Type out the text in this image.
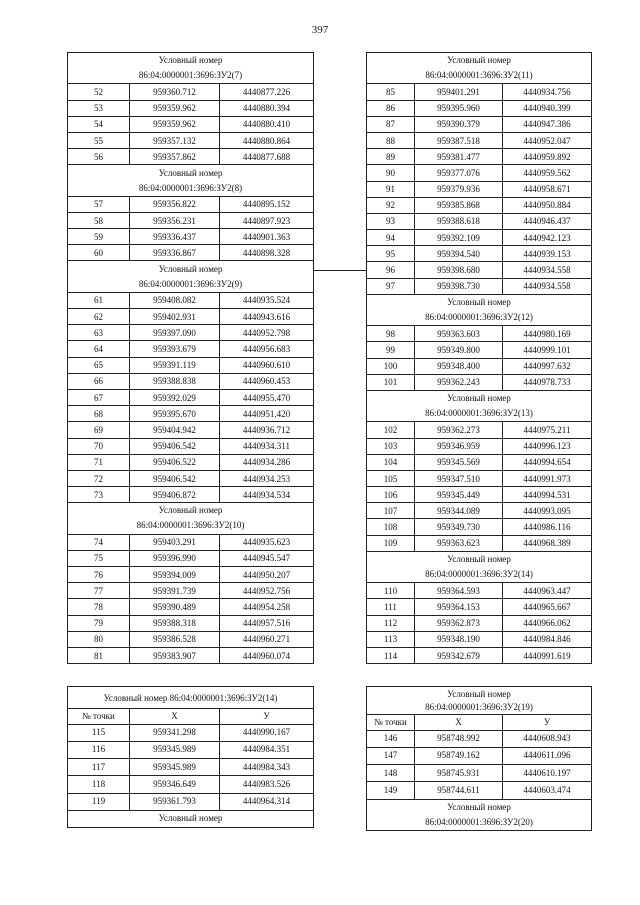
397
Условный номер
86:04:0000001:3696:ЗУ2(7)		
52	959360.712	4440877.226
53	959359.962	4440880.394
54	959359.962	4440880.410
55	959357.132	4440880.864
56	959357.862	4440877.688
Условный номер
86:04:0000001:3696:ЗУ2(8)		
57	959356.822	4440895.152
58	959356.231	4440897.923
59	959336.437	4440901.363
60	959336.867	4440898.328
Условный номер
86:04:0000001:3696:ЗУ2(9)		
61	959408.082	4440935.524
62	959402.931	4440943.616
63	959397.090	4440952.798
64	959393.679	4440956.683
65	959391.119	4440960.610
66	959388.838	4440960.453
67	959392.029	4440955.470
68	959395.670	4440951.420
69	959404.942	4440936.712
70	959406.542	4440934.311
71	959406.522	4440934.286
72	959406.542	4440934.253
73	959406.872	4440934.534
Условный номер
86:04:0000001:3696:ЗУ2(10)		
74	959403.291	4440935.623
75	959396.990	4440945.547
76	959394.009	4440950.207
77	959391.739	4440952.756
78	959390.489	4440954.258
79	959388.318	4440957.516
80	959386.528	4440960.271
81	959383.907	4440960.074
Условный номер
86:04:0000001:3696:ЗУ2(11)		
85	959401.291	4440934.756
86	959395.960	4440940.399
87	959390.379	4440947.386
88	959387.518	4440952.047
89	959381.477	4440959.892
90	959377.076	4440959.562
91	959379.936	4440958.671
92	959385.868	4440950.884
93	959388.618	4440946.437
94	959392.109	4440942.123
95	959394.540	4440939.153
96	959398.680	4440934.558
97	959398.730	4440934.558
Условный номер
86:04:0000001:3696:ЗУ2(12)		
98	959363.603	4440980.169
99	959349.800	4440999.101
100	959348.400	4440997.632
101	959362.243	4440978.733
Условный номер
86:04:0000001:3696:ЗУ2(13)		
102	959362.273	4440975.211
103	959346.959	4440996.123
104	959345.569	4440994.654
105	959347.510	4440991.973
106	959345.449	4440994.531
107	959344.089	4440993.095
108	959349.730	4440986.116
109	959363.623	4440968.389
Условный номер
86:04:0000001:3696:ЗУ2(14)		
110	959364.593	4440963.447
111	959364.153	4440965.667
112	959362.873	4440966.062
113	959348.190	4440984.846
114	959342.679	4440991.619
Условный номер 86:04:0000001:3696:ЗУ2(14)		
№ точки	X	У
115	959341.298	4440990.167
116	959345.989	4440984.351
117	959345.989	4440984.343
118	959346.649	4440983.526
119	959361.793	4440964.314
Условный номер		
Условный номер
86:04:0000001:3696:ЗУ2(19)		
№ точки	X	У
146	958748.992	4440608.943
147	958749.162	4440611.096
148	958745.931	4440610.197
149	958744.611	4440603.474
Условный номер
86:04:0000001:3696:ЗУ2(20)		
